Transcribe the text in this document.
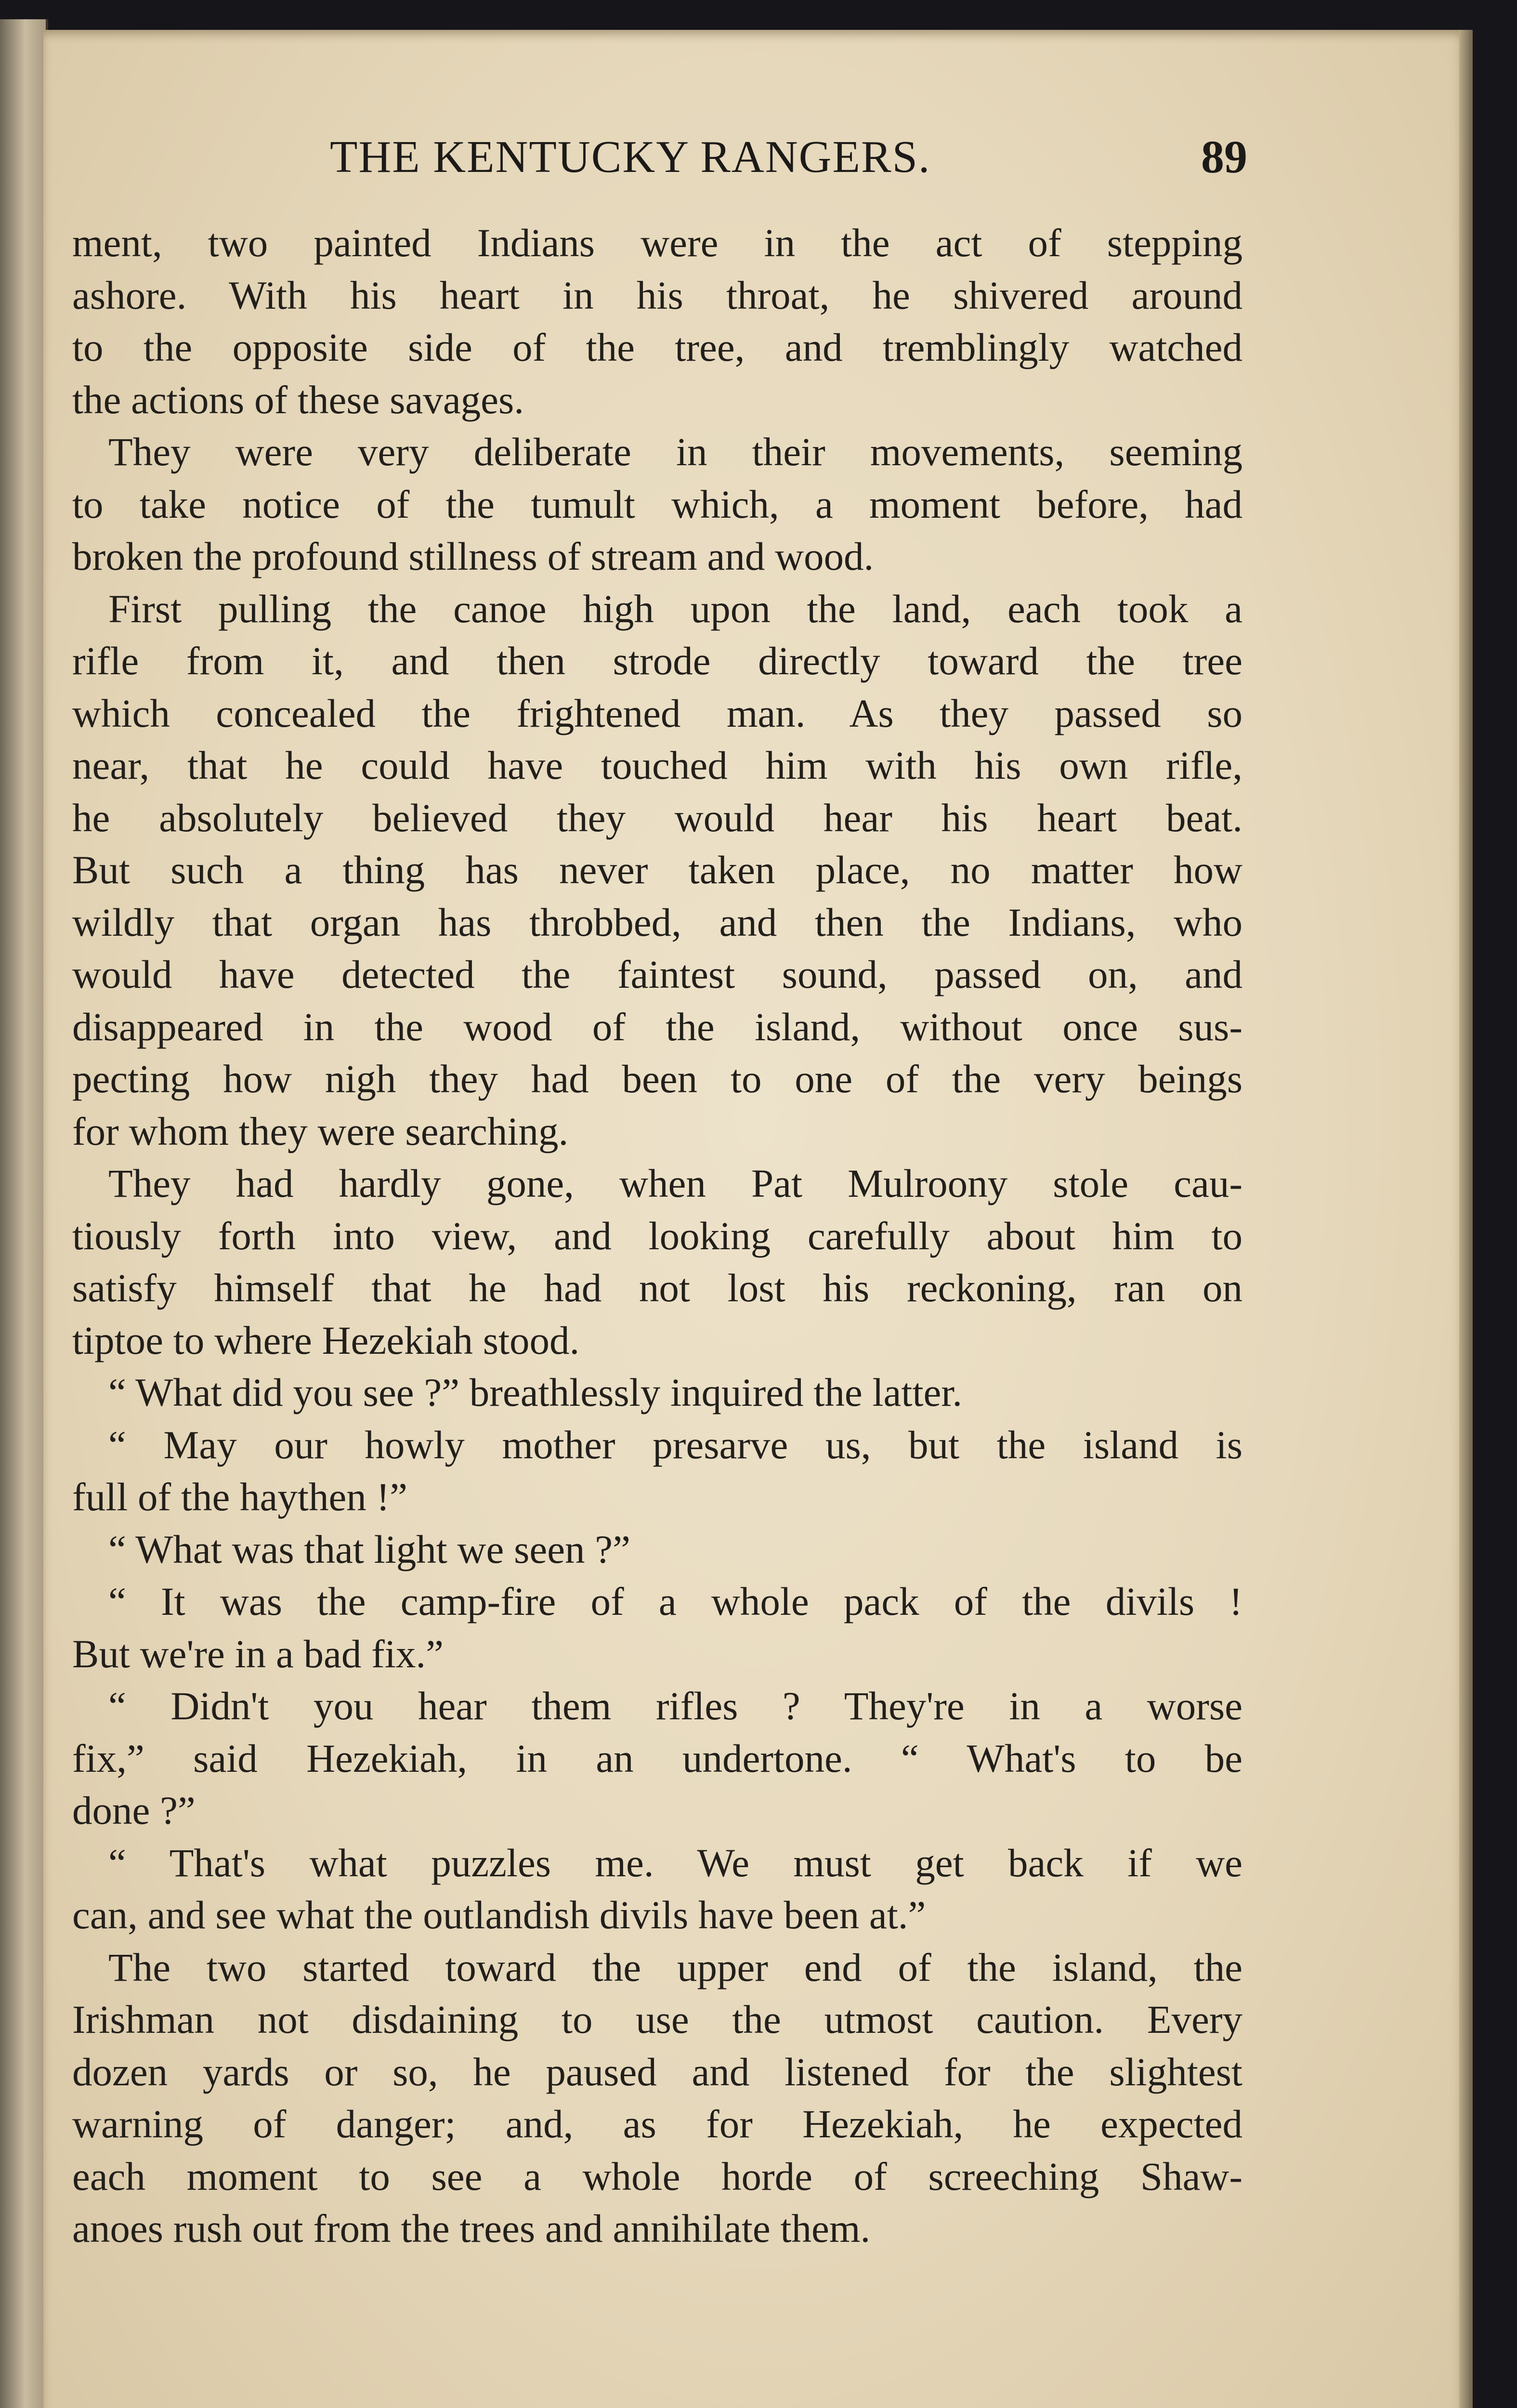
THE KENTUCKY RANGERS.	89
ment, two painted Indians were in the act of stepping
ashore. With his heart in his throat, he shivered around
to the opposite side of the tree, and tremblingly watched
the actions of these savages.
They were very deliberate in their movements, seeming
to take notice of the tumult which, a moment before, had
broken the profound stillness of stream and wood.
First pulling the canoe high upon the land, each took a
rifle from it, and then strode directly toward the tree
which concealed the frightened man. As they passed so
near, that he could have touched him with his own rifle,
he absolutely believed they would hear his heart beat.
But such a thing has never taken place, no matter how
wildly that organ has throbbed, and then the Indians, who
would have detected the faintest sound, passed on, and
disappeared in the wood of the island, without once sus-
pecting how nigh they had been to one of the very beings
for whom they were searching.
They had hardly gone, when Pat Mulroony stole cau-
tiously forth into view, and looking carefully about him to
satisfy himself that he had not lost his reckoning, ran on
tiptoe to where Hezekiah stood.
“ What did you see ?” breathlessly inquired the latter.
“ May our howly mother presarve us, but the island is
full of the haythen !”
“ What was that light we seen ?”
“ It was the camp-fire of a whole pack of the divils !
But we're in a bad fix.”
“ Didn't you hear them rifles ? They're in a worse
fix,” said Hezekiah, in an undertone. “ What's to be
done ?”
“ That's what puzzles me. We must get back if we
can, and see what the outlandish divils have been at.”
The two started toward the upper end of the island, the
Irishman not disdaining to use the utmost caution. Every
dozen yards or so, he paused and listened for the slightest
warning of danger; and, as for Hezekiah, he expected
each moment to see a whole horde of screeching Shaw-
anoes rush out from the trees and annihilate them.
